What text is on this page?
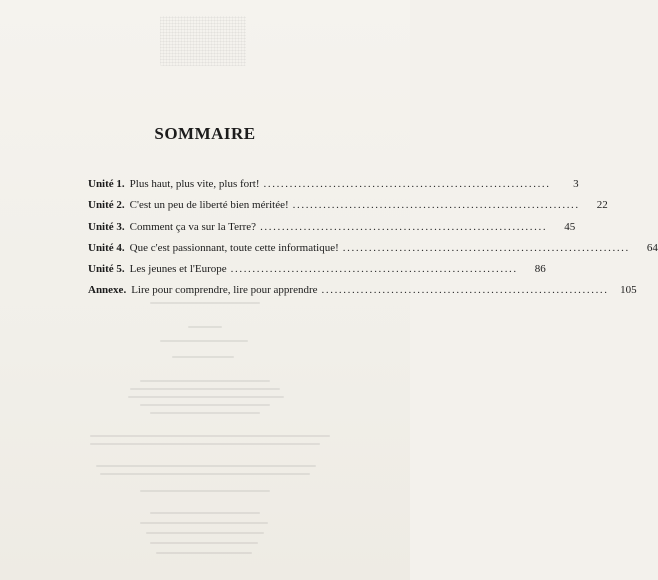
SOMMAIRE
Unité 1. Plus haut, plus vite, plus fort! ..................................................................	3
Unité 2. C'est un peu de liberté bien méritée! ..................................................................	22
Unité 3. Comment ça va sur la Terre? ..................................................................	45
Unité 4. Que c'est passionnant, toute cette informatique! ..................................................................	64
Unité 5. Les jeunes et l'Europe ..................................................................	86
Annexe. Lire pour comprendre, lire pour apprendre ..................................................................	105
